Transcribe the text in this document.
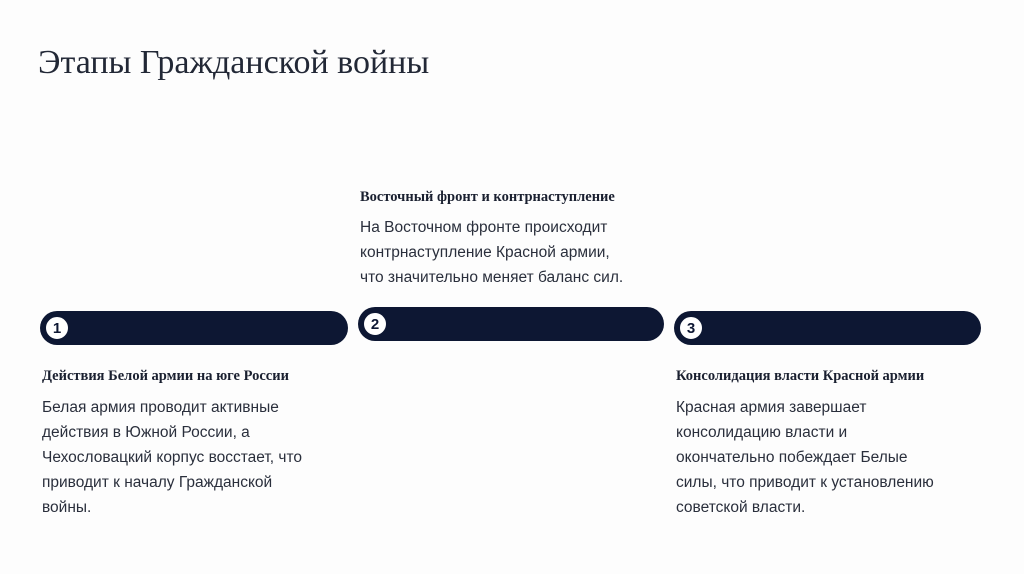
Этапы Гражданской войны
Восточный фронт и контрнаступление
На Восточном фронте происходит
контрнаступление Красной армии,
что значительно меняет баланс сил.
1	2	3
Действия Белой армии на юге России
Белая армия проводит активные
действия в Южной России, а
Чехословацкий корпус восстает, что
приводит к началу Гражданской
войны.
Консолидация власти Красной армии
Красная армия завершает
консолидацию власти и
окончательно побеждает Белые
силы, что приводит к установлению
советской власти.
